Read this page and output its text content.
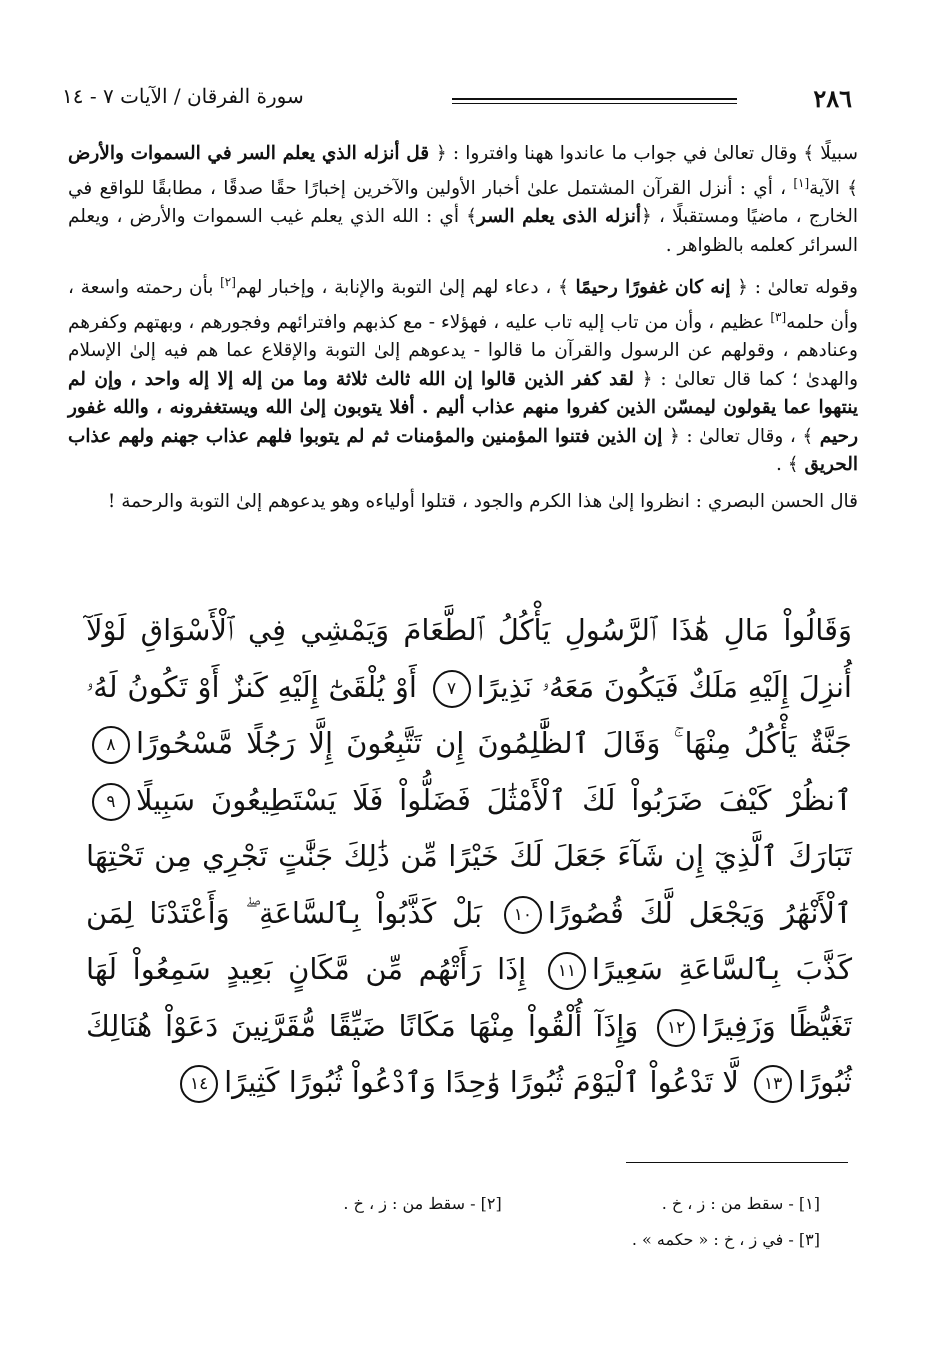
٢٨٦
سورة الفرقان / الآيات ٧ - ١٤

سبيلًا ﴾ وقال تعالىٰ في جواب ما عاندوا ههنا وافتروا : ﴿ قل أنزله الذي يعلم السر في السموات والأرض ﴾ الآية[١] ، أي : أنزل القرآن المشتمل علىٰ أخبار الأولين والآخرين إخبارًا حقًا صدقًا ، مطابقًا للواقع في الخارج ، ماضيًا ومستقبلًا ، ﴿أنزله الذى يعلم السر﴾ أي : الله الذي يعلم غيب السموات والأرض ، ويعلم السرائر كعلمه بالظواهر .

وقوله تعالىٰ : ﴿ إنه كان غفورًا رحيمًا ﴾ ، دعاء لهم إلىٰ التوبة والإنابة ، وإخبار لهم[٢] بأن رحمته واسعة ، وأن حلمه[٣] عظيم ، وأن من تاب إليه تاب عليه ، فهؤلاء - مع كذبهم وافترائهم وفجورهم ، وبهتهم وكفرهم وعنادهم ، وقولهم عن الرسول والقرآن ما قالوا - يدعوهم إلىٰ التوبة والإقلاع عما هم فيه إلىٰ الإسلام والهدىٰ ؛ كما قال تعالىٰ : ﴿ لقد كفر الذين قالوا إن الله ثالث ثلاثة وما من إله إلا إله واحد ، وإن لم ينتهوا عما يقولون ليمسّن الذين كفروا منهم عذاب أليم . أفلا يتوبون إلىٰ الله ويستغفرونه ، والله غفور رحيم ﴾ ، وقال تعالىٰ : ﴿ إن الذين فتنوا المؤمنين والمؤمنات ثم لم يتوبوا فلهم عذاب جهنم ولهم عذاب الحريق ﴾ .

قال الحسن البصري : انظروا إلىٰ هذا الكرم والجود ، قتلوا أولياءه وهو يدعوهم إلىٰ التوبة والرحمة !

وَقَالُواْ مَالِ هَٰذَا ٱلرَّسُولِ يَأْكُلُ ٱلطَّعَامَ وَيَمْشِي فِي ٱلْأَسْوَاقِ لَوْلَآ أُنزِلَ إِلَيْهِ مَلَكٌ فَيَكُونَ مَعَهُۥ نَذِيرًا٧ أَوْ يُلْقَىٰٓ إِلَيْهِ كَنزٌ أَوْ تَكُونُ لَهُۥ جَنَّةٌ يَأْكُلُ مِنْهَا ۚ وَقَالَ ٱلظَّٰلِمُونَ إِن تَتَّبِعُونَ إِلَّا رَجُلًا مَّسْحُورًا٨ ٱنظُرْ كَيْفَ ضَرَبُواْ لَكَ ٱلْأَمْثَٰلَ فَضَلُّواْ فَلَا يَسْتَطِيعُونَ سَبِيلًا٩ تَبَارَكَ ٱلَّذِيٓ إِن شَآءَ جَعَلَ لَكَ خَيْرًا مِّن ذَٰلِكَ جَنَّٰتٍ تَجْرِي مِن تَحْتِهَا ٱلْأَنْهَٰرُ وَيَجْعَل لَّكَ قُصُورًا١٠ بَلْ كَذَّبُواْ بِٱلسَّاعَةِ ۖ وَأَعْتَدْنَا لِمَن كَذَّبَ بِٱلسَّاعَةِ سَعِيرًا١١ إِذَا رَأَتْهُم مِّن مَّكَانٍ بَعِيدٍ سَمِعُواْ لَهَا تَغَيُّظًا وَزَفِيرًا١٢ وَإِذَآ أُلْقُواْ مِنْهَا مَكَانًا ضَيِّقًا مُّقَرَّنِينَ دَعَوْاْ هُنَالِكَ ثُبُورًا١٣ لَّا تَدْعُواْ ٱلْيَوْمَ ثُبُورًا وَٰحِدًا وَٱدْعُواْ ثُبُورًا كَثِيرًا١٤
[١] - سقط من : ز ، خ .
[٢] - سقط من : ز ، خ .
[٣] - في ز ، خ : « حكمه » .
